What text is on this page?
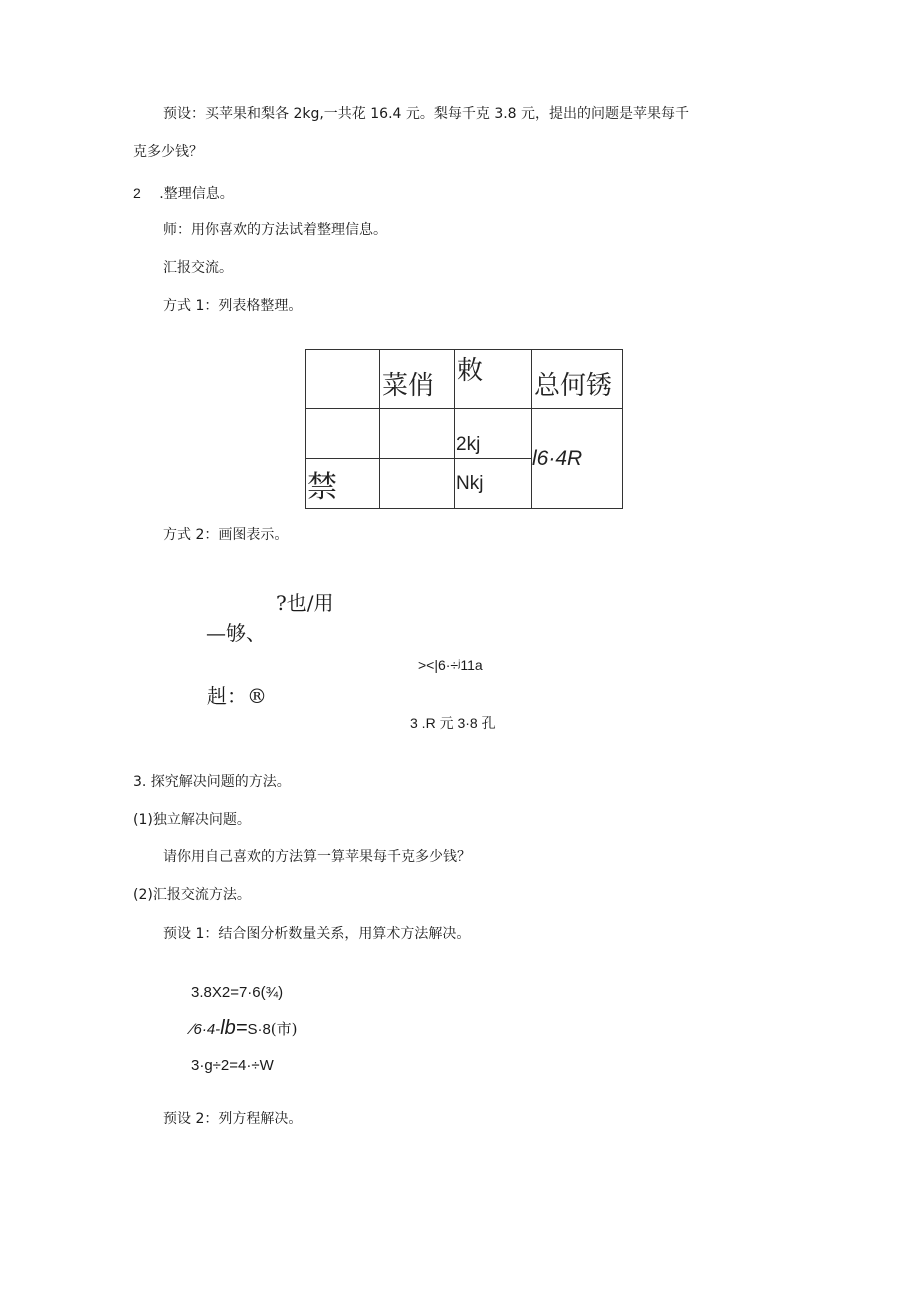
预设：买苹果和梨各 2kg,一共花 16.4 元。梨每千克 3.8 元，提出的问题是苹果每千
克多少钱？
2 .整理信息。
师：用你喜欢的方法试着整理信息。
汇报交流。
方式 1：列表格整理。
	菜俏	敕	总何锈
		2kj	l6·4R
禁		Nkj	
方式 2：画图表示。
?也/用
—够、
><|6·÷ʲ11a
赳：®
3 .R 元 3·8 孔
3. 探究解决问题的方法。
(1)独立解决问题。
请你用自己喜欢的方法算一算苹果每千克多少钱？
(2)汇报交流方法。
预设 1：结合图分析数量关系，用算术方法解决。
3.8X2=7·6(¾)
∕6·4-lb=S·8(市)
3·g÷2=4·÷W
预设 2：列方程解决。
